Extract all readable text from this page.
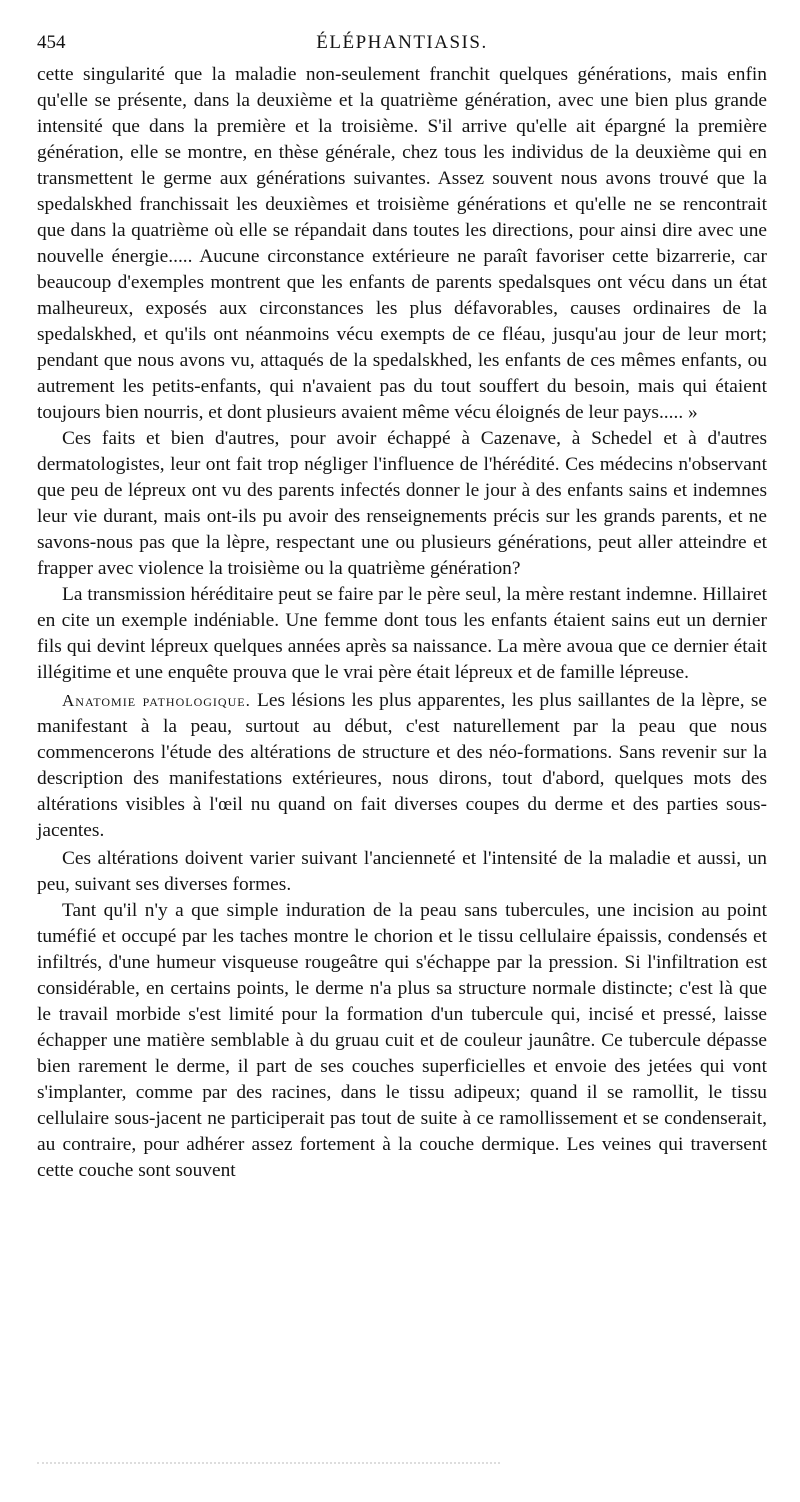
454	ÉLÉPHANTIASIS.

cette singularité que la maladie non-seulement franchit quelques générations, mais enfin qu'elle se présente, dans la deuxième et la quatrième génération, avec une bien plus grande intensité que dans la première et la troisième. S'il arrive qu'elle ait épargné la première génération, elle se montre, en thèse générale, chez tous les individus de la deuxième qui en transmettent le germe aux générations suivantes. Assez souvent nous avons trouvé que la spedalskhed franchissait les deuxièmes et troisième générations et qu'elle ne se rencontrait que dans la quatrième où elle se répandait dans toutes les directions, pour ainsi dire avec une nouvelle énergie..... Aucune circonstance extérieure ne paraît favoriser cette bizarrerie, car beaucoup d'exemples montrent que les enfants de parents spedalsques ont vécu dans un état malheureux, exposés aux circonstances les plus défavorables, causes ordinaires de la spedalskhed, et qu'ils ont néanmoins vécu exempts de ce fléau, jusqu'au jour de leur mort; pendant que nous avons vu, attaqués de la spedalskhed, les enfants de ces mêmes enfants, ou autrement les petits-enfants, qui n'avaient pas du tout souffert du besoin, mais qui étaient toujours bien nourris, et dont plusieurs avaient même vécu éloignés de leur pays..... »

Ces faits et bien d'autres, pour avoir échappé à Cazenave, à Schedel et à d'autres dermatologistes, leur ont fait trop négliger l'influence de l'hérédité. Ces médecins n'observant que peu de lépreux ont vu des parents infectés donner le jour à des enfants sains et indemnes leur vie durant, mais ont-ils pu avoir des renseignements précis sur les grands parents, et ne savons-nous pas que la lèpre, respectant une ou plusieurs générations, peut aller atteindre et frapper avec violence la troisième ou la quatrième génération?

La transmission héréditaire peut se faire par le père seul, la mère restant indemne. Hillairet en cite un exemple indéniable. Une femme dont tous les enfants étaient sains eut un dernier fils qui devint lépreux quelques années après sa naissance. La mère avoua que ce dernier était illégitime et une enquête prouva que le vrai père était lépreux et de famille lépreuse.

Anatomie pathologique. Les lésions les plus apparentes, les plus saillantes de la lèpre, se manifestant à la peau, surtout au début, c'est naturellement par la peau que nous commencerons l'étude des altérations de structure et des néo-formations. Sans revenir sur la description des manifestations extérieures, nous dirons, tout d'abord, quelques mots des altérations visibles à l'œil nu quand on fait diverses coupes du derme et des parties sous-jacentes.

Ces altérations doivent varier suivant l'ancienneté et l'intensité de la maladie et aussi, un peu, suivant ses diverses formes.

Tant qu'il n'y a que simple induration de la peau sans tubercules, une incision au point tuméfié et occupé par les taches montre le chorion et le tissu cellulaire épaissis, condensés et infiltrés, d'une humeur visqueuse rougeâtre qui s'échappe par la pression. Si l'infiltration est considérable, en certains points, le derme n'a plus sa structure normale distincte; c'est là que le travail morbide s'est limité pour la formation d'un tubercule qui, incisé et pressé, laisse échapper une matière semblable à du gruau cuit et de couleur jaunâtre. Ce tubercule dépasse bien rarement le derme, il part de ses couches superficielles et envoie des jetées qui vont s'implanter, comme par des racines, dans le tissu adipeux; quand il se ramollit, le tissu cellulaire sous-jacent ne participerait pas tout de suite à ce ramollissement et se condenserait, au contraire, pour adhérer assez fortement à la couche dermique. Les veines qui traversent cette couche sont souvent
